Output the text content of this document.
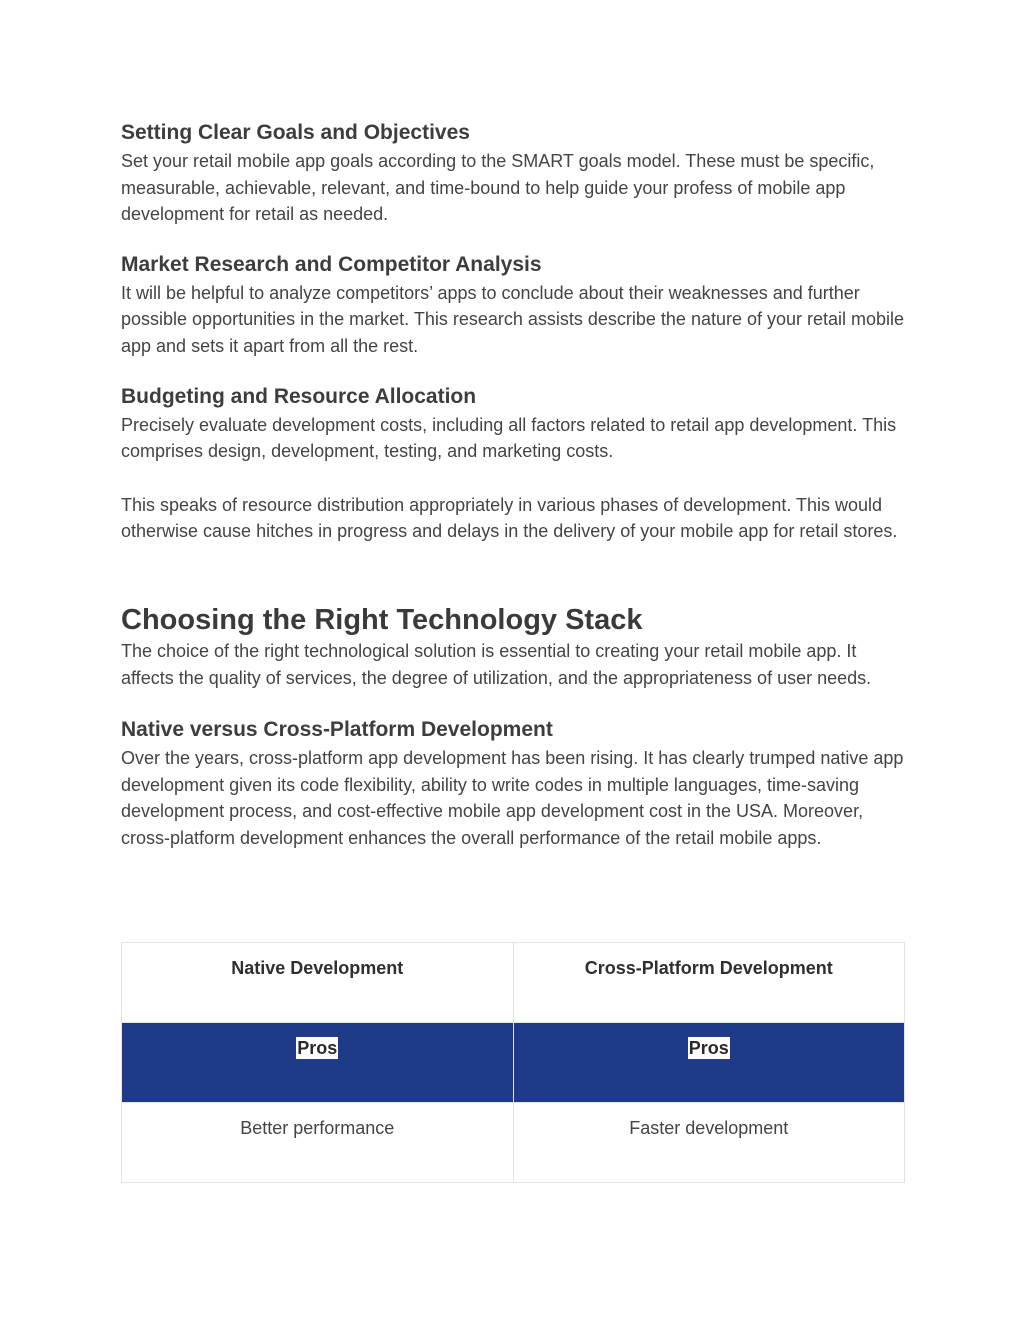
Setting Clear Goals and Objectives

Set your retail mobile app goals according to the SMART goals model. These must be specific, measurable, achievable, relevant, and time-bound to help guide your profess of mobile app development for retail as needed.

Market Research and Competitor Analysis

It will be helpful to analyze competitors’ apps to conclude about their weaknesses and further possible opportunities in the market. This research assists describe the nature of your retail mobile app and sets it apart from all the rest.

Budgeting and Resource Allocation

Precisely evaluate development costs, including all factors related to retail app development. This comprises design, development, testing, and marketing costs.

This speaks of resource distribution appropriately in various phases of development. This would otherwise cause hitches in progress and delays in the delivery of your mobile app for retail stores.

Choosing the Right Technology Stack

The choice of the right technological solution is essential to creating your retail mobile app. It affects the quality of services, the degree of utilization, and the appropriateness of user needs.

Native versus Cross-Platform Development

Over the years, cross-platform app development has been rising. It has clearly trumped native app development given its code flexibility, ability to write codes in multiple languages, time-saving development process, and cost-effective mobile app development cost in the USA. Moreover, cross-platform development enhances the overall performance of the retail mobile apps.

Native Development	Cross-Platform Development
Pros	Pros
Better performance	Faster development
